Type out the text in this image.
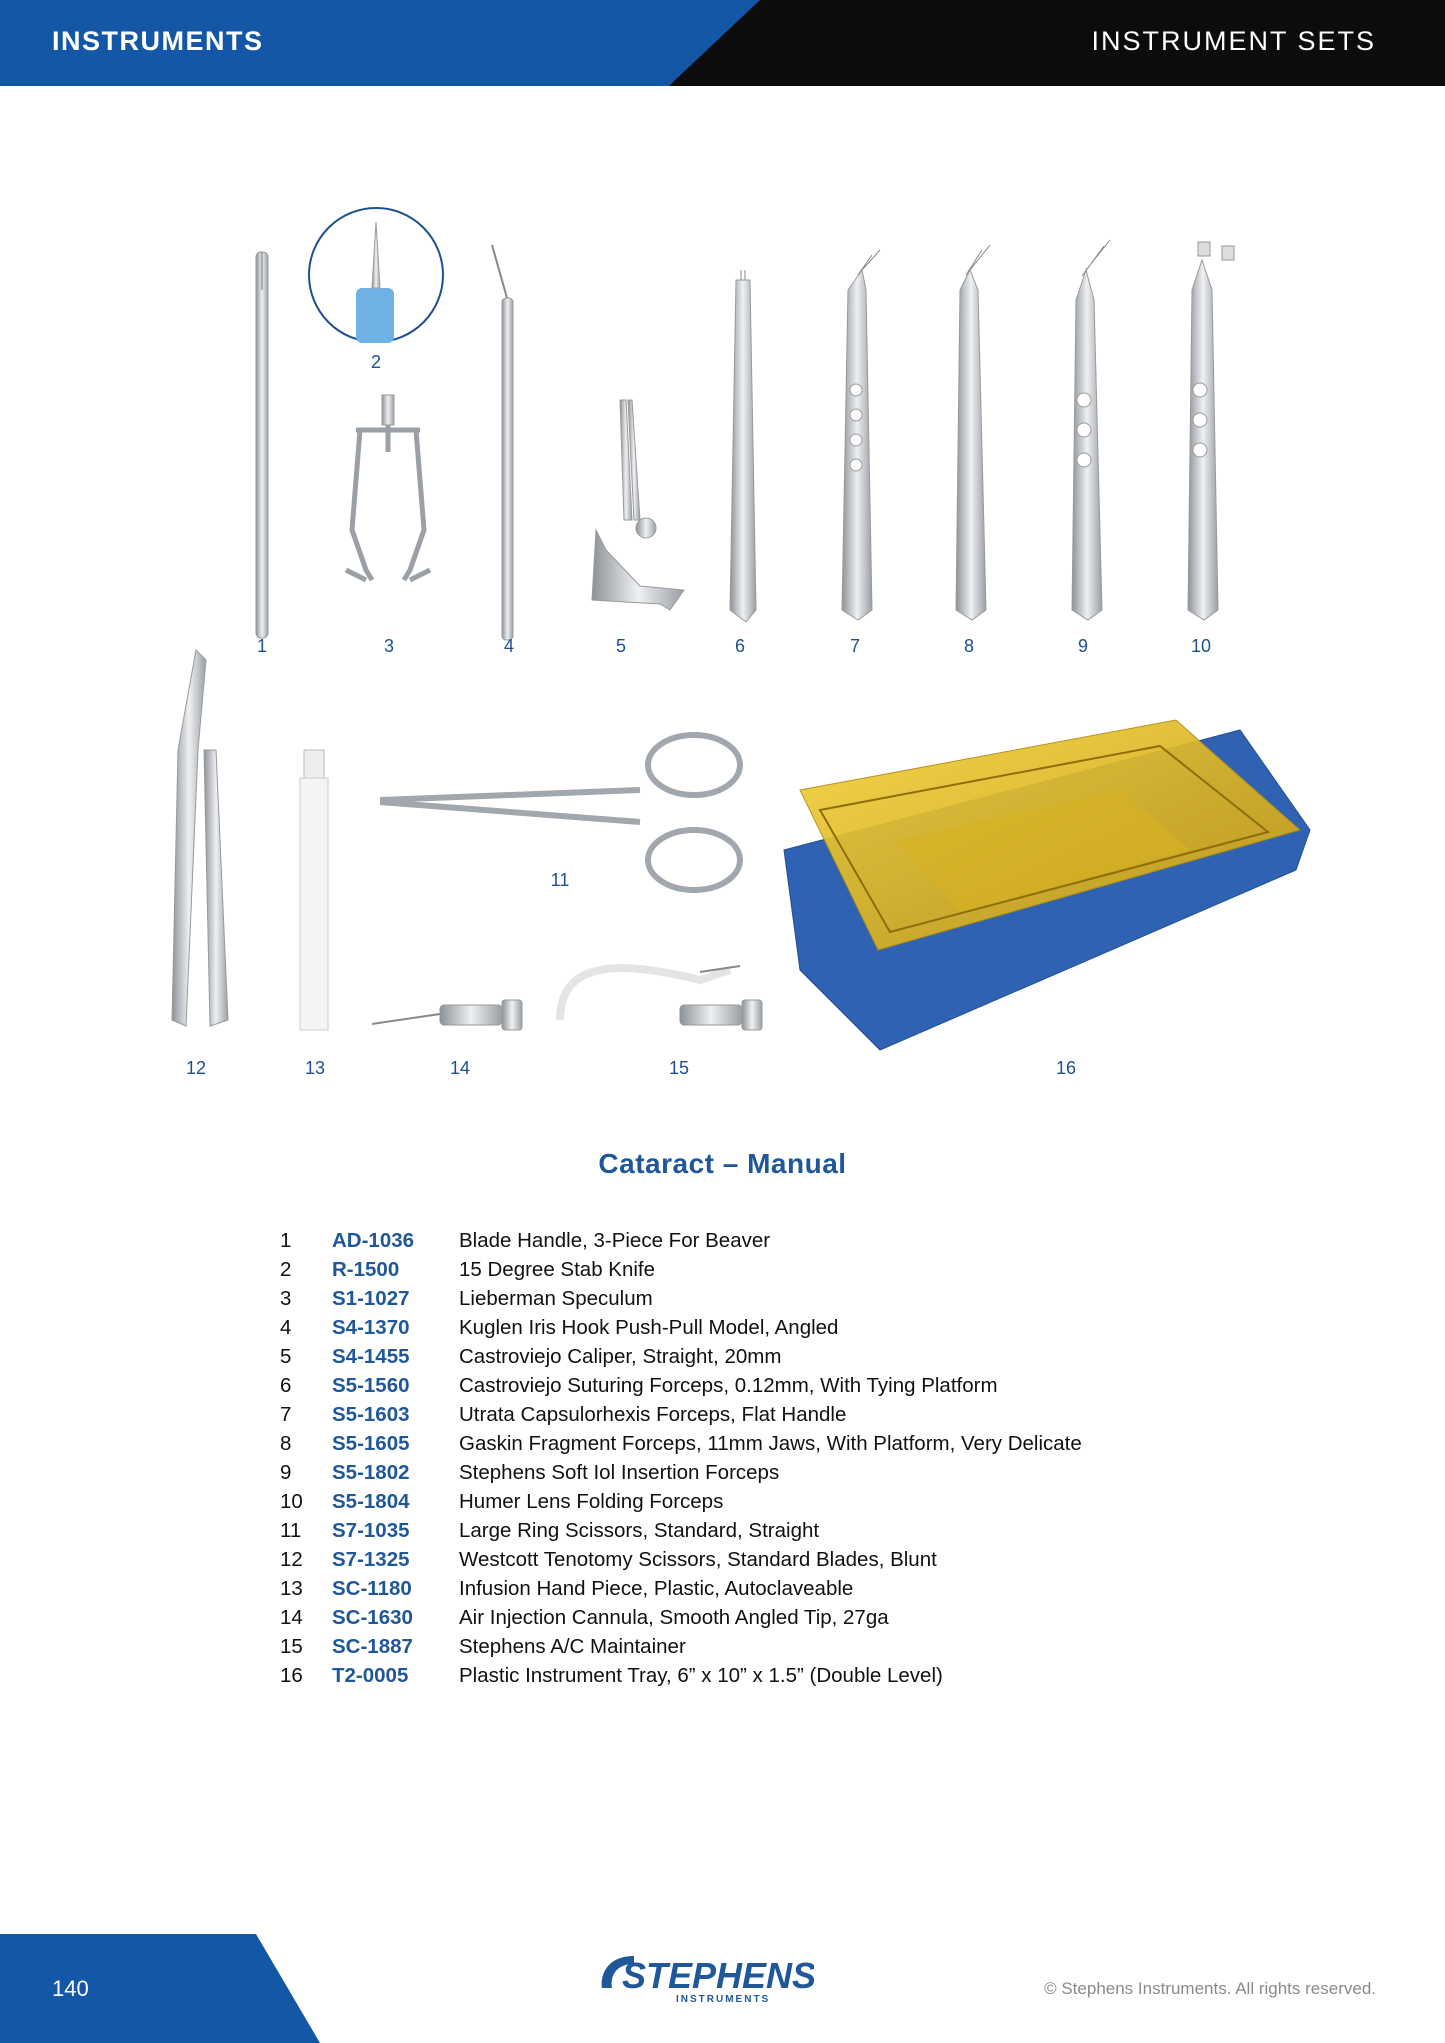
INSTRUMENTS	INSTRUMENT SETS
1
2
3	4	5	6	7	8	9	10
11
12	13	14	15	16
Cataract – Manual
1	AD-1036	Blade Handle, 3-Piece For Beaver
2	R-1500	15 Degree Stab Knife
3	S1-1027	Lieberman Speculum
4	S4-1370	Kuglen Iris Hook Push-Pull Model, Angled
5	S4-1455	Castroviejo Caliper, Straight, 20mm
6	S5-1560	Castroviejo Suturing Forceps, 0.12mm, With Tying Platform
7	S5-1603	Utrata Capsulorhexis Forceps, Flat Handle
8	S5-1605	Gaskin Fragment Forceps, 11mm Jaws, With Platform, Very Delicate
9	S5-1802	Stephens Soft Iol Insertion Forceps
10	S5-1804	Humer Lens Folding Forceps
11	S7-1035	Large Ring Scissors, Standard, Straight
12	S7-1325	Westcott Tenotomy Scissors, Standard Blades, Blunt
13	SC-1180	Infusion Hand Piece, Plastic, Autoclaveable
14	SC-1630	Air Injection Cannula, Smooth Angled Tip, 27ga
15	SC-1887	Stephens A/C Maintainer
16	T2-0005	Plastic Instrument Tray, 6” x 10” x 1.5” (Double Level)
140	STEPHENS
INSTRUMENTS
© Stephens Instruments. All rights reserved.
